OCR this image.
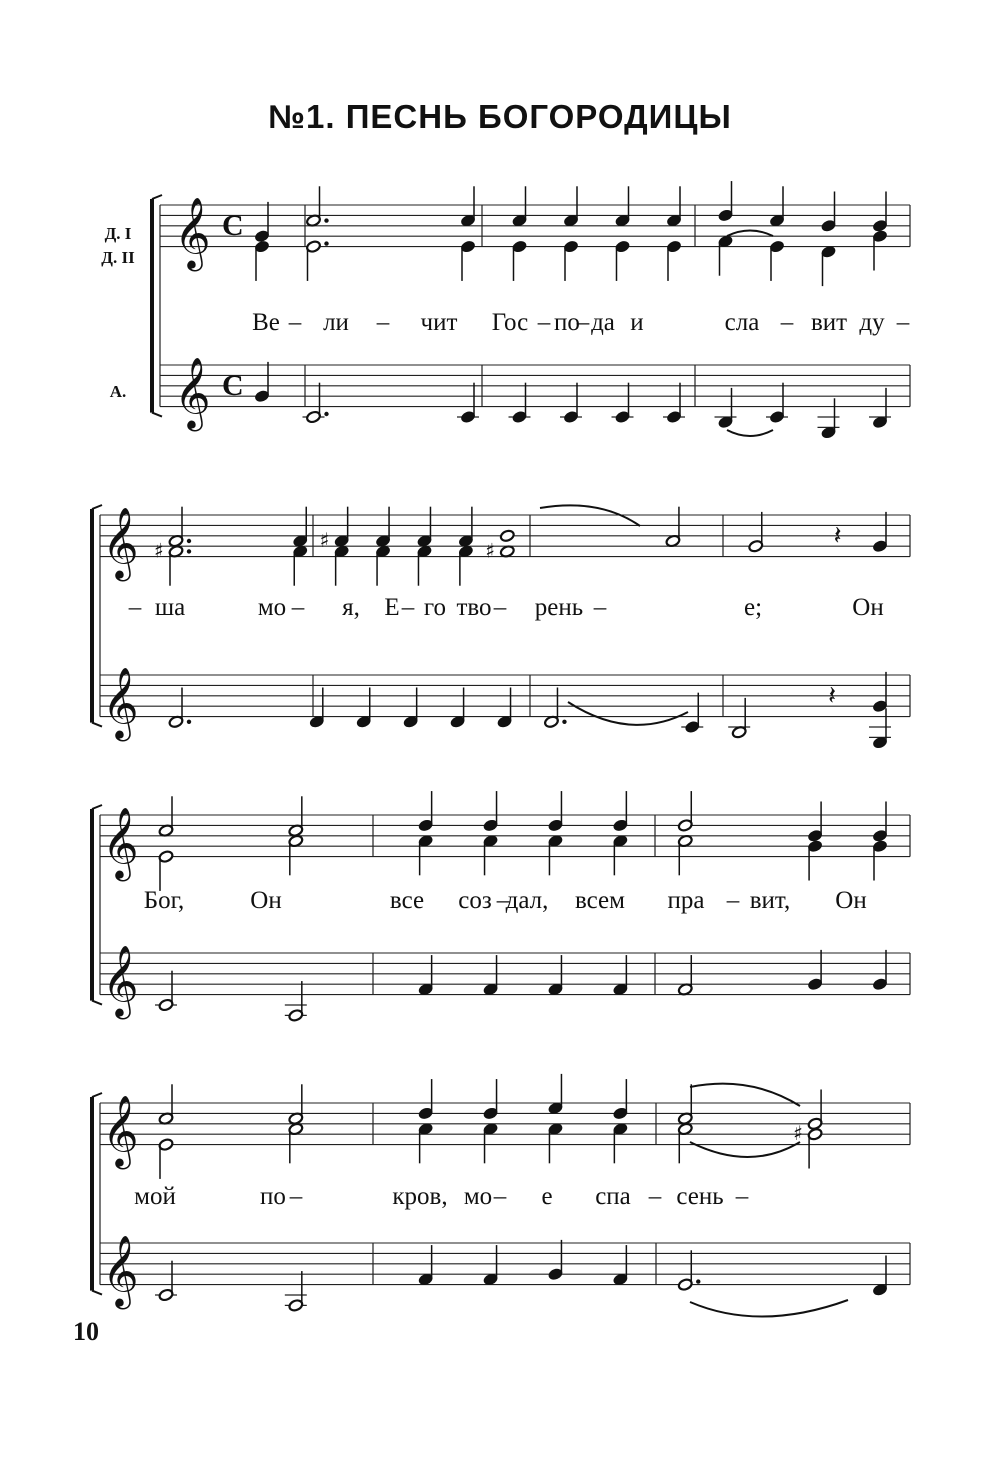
№1. ПЕСНЬ БОГОРОДИЦЫ
𝄞
𝄞
C
C
Ве – ли – чит Гос – по
– да и	сла – вит ду –
𝄞
𝄞
♯	♯	♯	𝄽
𝄽
– ша	мо – я, Е – го тво – рень –	е;	Он
𝄞
𝄞
Бог,	Он	все соз –
дал, всем пра – вит, Он
𝄞
𝄞
♯
мой	по –	кров, мо – е спа – сень –
Д. I
Д. II
А.
10
